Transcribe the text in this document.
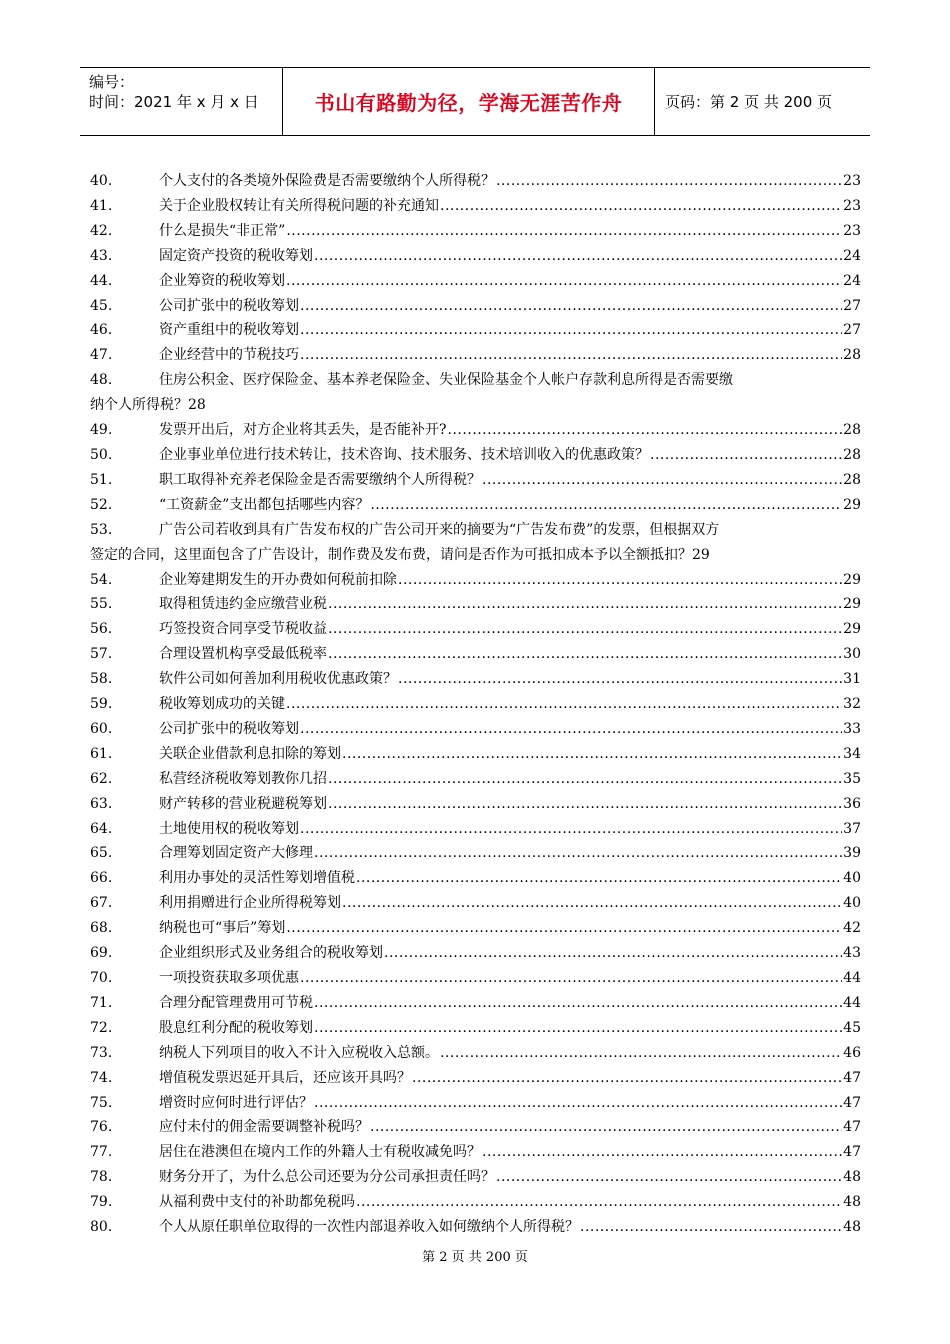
编号：
时间：2021 年 x 月 x 日	书山有路勤为径，学海无涯苦作舟	页码：第 2 页 共 200 页
40.	个人支付的各类境外保险费是否需要缴纳个人所得税？ .....	23
41.	关于企业股权转让有关所得税问题的补充通知 .....	23
42.	什么是损失“非正常” .....	23
43.	固定资产投资的税收筹划 .....	24
44.	企业筹资的税收筹划 .....	24
45.	公司扩张中的税收筹划 .....	27
46.	资产重组中的税收筹划 .....	27
47.	企业经营中的节税技巧 .....	28
48.	住房公积金、医疗保险金、基本养老保险金、失业保险基金个人帐户存款利息所得是否需要缴
纳个人所得税？ 28
49.	发票开出后，对方企业将其丢失，是否能补开? .....	28
50.	企业事业单位进行技术转让，技术咨询、技术服务、技术培训收入的优惠政策？ .....	28
51.	职工取得补充养老保险金是否需要缴纳个人所得税？ .....	28
52.	“工资薪金”支出都包括哪些内容？ .....	29
53.	广告公司若收到具有广告发布权的广告公司开来的摘要为“广告发布费”的发票，但根据双方
签定的合同，这里面包含了广告设计，制作费及发布费，请问是否作为可抵扣成本予以全额抵扣？ 29
54.	企业筹建期发生的开办费如何税前扣除 .....	29
55.	取得租赁违约金应缴营业税 .....	29
56.	巧签投资合同享受节税收益 .....	29
57.	合理设置机构享受最低税率 .....	30
58.	软件公司如何善加利用税收优惠政策？ .....	31
59.	税收筹划成功的关键 .....	32
60.	公司扩张中的税收筹划 .....	33
61.	关联企业借款利息扣除的筹划 .....	34
62.	私营经济税收筹划教你几招 .....	35
63.	财产转移的营业税避税筹划 .....	36
64.	土地使用权的税收筹划 .....	37
65.	合理筹划固定资产大修理 .....	39
66.	利用办事处的灵活性筹划增值税 .....	40
67.	利用捐赠进行企业所得税筹划 .....	40
68.	纳税也可“事后”筹划 .....	42
69.	企业组织形式及业务组合的税收筹划 .....	43
70.	一项投资获取多项优惠 .....	44
71.	合理分配管理费用可节税 .....	44
72.	股息红利分配的税收筹划 .....	45
73.	纳税人下列项目的收入不计入应税收入总额。 .....	46
74.	增值税发票迟延开具后，还应该开具吗？ .....	47
75.	增资时应何时进行评估？ .....	47
76.	应付未付的佣金需要调整补税吗？ .....	47
77.	居住在港澳但在境内工作的外籍人士有税收减免吗？ .....	47
78.	财务分开了，为什么总公司还要为分公司承担责任吗？ .....	48
79.	从福利费中支付的补助都免税吗 .....	48
80.	个人从原任职单位取得的一次性内部退养收入如何缴纳个人所得税？ .....	48
第 2 页 共 200 页
